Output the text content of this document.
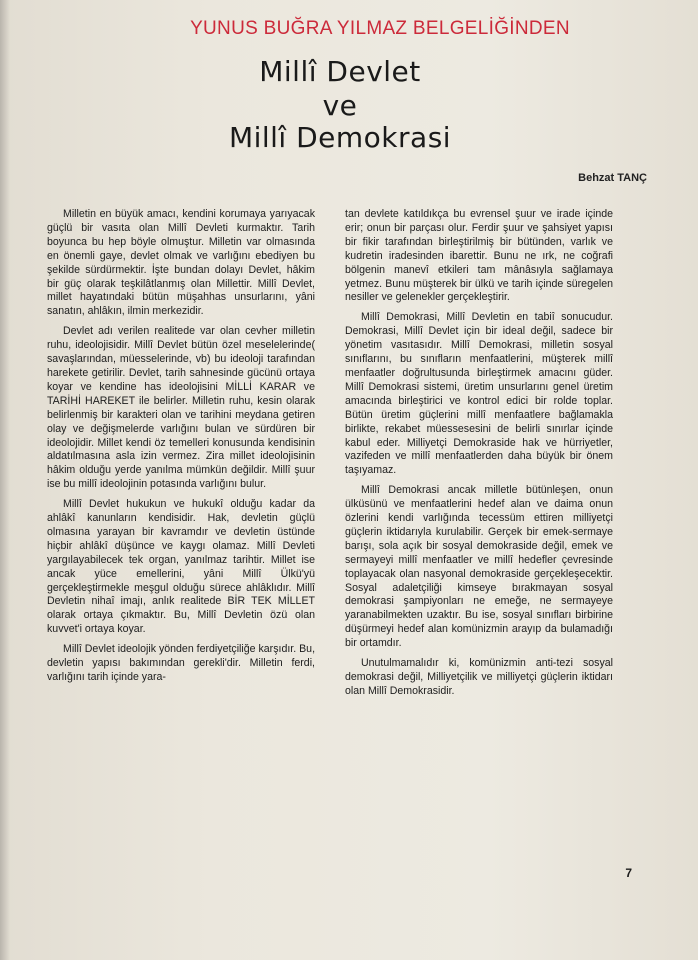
YUNUS BUĞRA YILMAZ BELGELİĞİNDEN
Millî Devlet
ve
Millî Demokrasi
Behzat TANÇ

Milletin en büyük amacı, kendini korumaya yarıyacak güçlü bir vasıta olan Millî Devleti kurmaktır. Tarih boyunca bu hep böyle olmuştur. Milletin var olmasında en önemli gaye, devlet olmak ve varlığını ebediyen bu şekilde sürdürmektir. İşte bundan dolayı Devlet, hâkim bir güç olarak teşkilâtlanmış olan Millettir. Millî Devlet, millet hayatındaki bütün müşahhas unsurlarını, yâni sanatın, ahlâkın, ilmin merkezidir.

Devlet adı verilen realitede var olan cevher milletin ruhu, ideolojisidir. Millî Devlet bütün özel meselelerinde( savaşlarından, müesselerinde, vb) bu ideoloji tarafından harekete getirilir. Devlet, tarih sahnesinde gücünü ortaya koyar ve kendine has ideolojisini MİLLİ KARAR ve TARİHİ HAREKET ile belirler. Milletin ruhu, kesin olarak belirlenmiş bir karakteri olan ve tarihini meydana getiren olay ve değişmelerde varlığını bulan ve sürdüren bir ideolojidir. Millet kendi öz temelleri konusunda kendisinin aldatılmasına asla izin vermez. Zira millet ideolojisinin hâkim olduğu yerde yanılma mümkün değildir. Millî şuur ise bu millî ideolojinin potasında varlığını bulur.

Millî Devlet hukukun ve hukukî olduğu kadar da ahlâkî kanunların kendisidir. Hak, devletin güçlü olmasına yarayan bir kavramdır ve devletin üstünde hiçbir ahlâkî düşünce ve kaygı olamaz. Millî Devleti yargılayabilecek tek organ, yanılmaz tarihtir. Millet ise ancak yüce emellerini, yâni Millî Ülkü'yü gerçekleştirmekle meşgul olduğu sürece ahlâklıdır. Millî Devletin nihaî imajı, anlık realitede BİR TEK MİLLET olarak ortaya çıkmaktır. Bu, Millî Devletin özü olan kuvvet'i ortaya koyar.

Millî Devlet ideolojik yönden ferdiyetçiliğe karşıdır. Bu, devletin yapısı bakımından gerekli'dir. Milletin ferdi, varlığını tarih içinde yara-

tan devlete katıldıkça bu evrensel şuur ve irade içinde erir; onun bir parçası olur. Ferdir şuur ve şahsiyet yapısı bir fikir tarafından birleştirilmiş bir bütünden, varlık ve kudretin iradesinden ibarettir. Bunu ne ırk, ne coğrafi bölgenin manevî etkileri tam mânâsıyla sağlamaya yetmez. Bunu müşterek bir ülkü ve tarih içinde süregelen nesiller ve gelenekler gerçekleştirir.

Millî Demokrasi, Millî Devletin en tabiî sonucudur. Demokrasi, Millî Devlet için bir ideal değil, sadece bir yönetim vasıtasıdır. Millî Demokrasi, milletin sosyal sınıflarını, bu sınıfların menfaatlerini, müşterek millî menfaatler doğrultusunda birleştirmek amacını güder. Millî Demokrasi sistemi, üretim unsurlarını genel üretim amacında birleştirici ve kontrol edici bir rolde toplar. Bütün üretim güçlerini millî menfaatlere bağlamakla birlikte, rekabet müessesesini de belirli sınırlar içinde kabul eder. Milliyetçi Demokraside hak ve hürriyetler, vazifeden ve millî menfaatlerden daha büyük bir önem taşıyamaz.

Millî Demokrasi ancak milletle bütünleşen, onun ülküsünü ve menfaatlerini hedef alan ve daima onun özlerini kendi varlığında tecessüm ettiren milliyetçi güçlerin iktidarıyla kurulabilir. Gerçek bir emek-sermaye barışı, sola açık bir sosyal demokraside değil, emek ve sermayeyi millî menfaatler ve millî hedefler çevresinde toplayacak olan nasyonal demokraside gerçekleşecektir. Sosyal adaletçiliği kimseye bırakmayan sosyal demokrasi şampiyonları ne emeğe, ne sermayeye yaranabilmekten uzaktır. Bu ise, sosyal sınıfları birbirine düşürmeyi hedef alan komünizmin arayıp da bulamadığı bir ortamdır.

Unutulmamalıdır ki, komünizmin anti-tezi sosyal demokrasi değil, Milliyetçilik ve milliyetçi güçlerin iktidarı olan Millî Demokrasidir.

7
